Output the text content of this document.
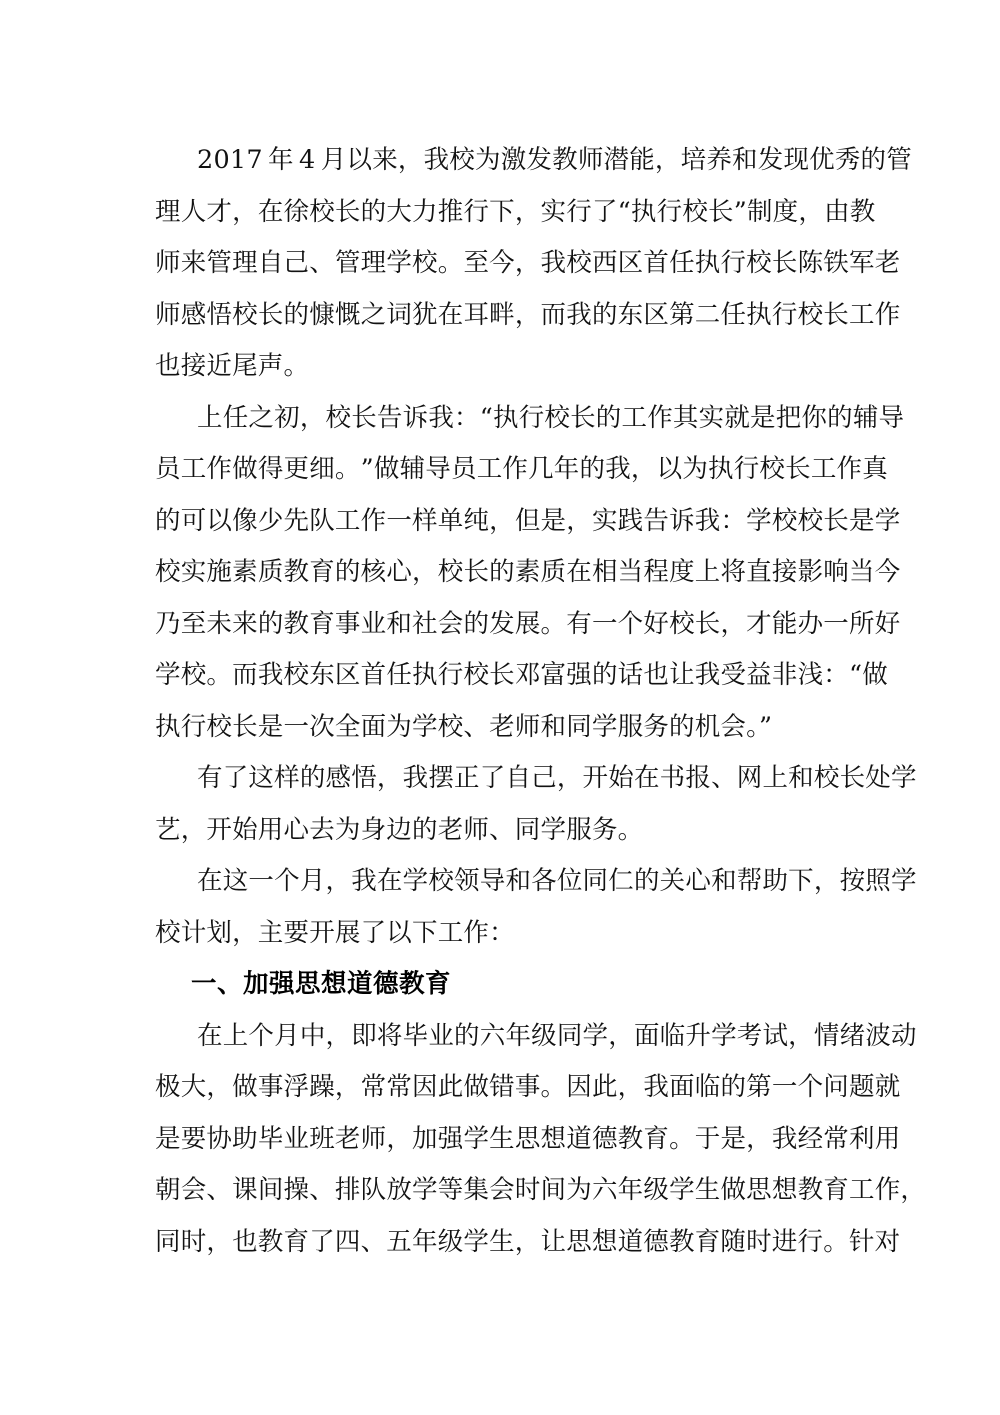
2 0 1 7
  年
  4
  月 以 来 ， 我 校 为 激 发 教 师 潜 能 ， 培 养 和 发 现 优 秀 的 管
理 人 才 ， 在 徐 校 长 的 大 力 推 行 下 ， 实 行 了 “ 执 行 校 长 ” 制 度 ， 由 教
师 来 管 理 自 己 、 管 理 学 校 。 至 今 ， 我 校 西 区 首 任 执 行 校 长 陈 铁 军 老
师 感 悟 校 长 的 慷 慨 之 词 犹 在 耳 畔 ， 而 我 的 东 区 第 二 任 执 行 校 长 工 作
也接近尾声。
上 任 之 初 ， 校 长 告 诉 我 ： “ 执 行 校 长 的 工 作 其 实 就 是 把 你 的 辅 导
员 工 作 做 得 更 细 。 ” 做 辅 导 员 工 作 几 年 的 我 ， 以 为 执 行 校 长 工 作 真
的 可 以 像 少 先 队 工 作 一 样 单 纯 ， 但 是 ， 实 践 告 诉 我 ： 学 校 校 长 是 学
校 实 施 素 质 教 育 的 核 心 ， 校 长 的 素 质 在 相 当 程 度 上 将 直 接 影 响 当 今
乃 至 未 来 的 教 育 事 业 和 社 会 的 发 展 。 有 一 个 好 校 长 ， 才 能 办 一 所 好
学 校 。 而 我 校 东 区 首 任 执 行 校 长 邓 富 强 的 话 也 让 我 受 益 非 浅 ： “ 做
执行校长是一次全面为学校、老师和同学服务的机会。”
有 了 这 样 的 感 悟 ， 我 摆 正 了 自 己 ， 开 始 在 书 报 、 网 上 和 校 长 处 学
艺，开始用心去为身边的老师、同学服务。
在 这 一 个 月 ， 我 在 学 校 领 导 和 各 位 同 仁 的 关 心 和 帮 助 下 ， 按 照 学
校计划，主要开展了以下工作：
一、加强思想道德教育
在 上 个 月 中 ， 即 将 毕 业 的 六 年 级 同 学 ， 面 临 升 学 考 试 ， 情 绪 波 动
极 大 ， 做 事 浮 躁 ， 常 常 因 此 做 错 事 。 因 此 ， 我 面 临 的 第 一 个 问 题 就
是 要 协 助 毕 业 班 老 师 ， 加 强 学 生 思 想 道 德 教 育 。 于 是 ， 我 经 常 利 用
朝 会 、 课 间 操 、 排 队 放 学 等 集 会 时 间 为 六 年 级 学 生 做 思 想 教 育 工 作 ，
同时，也教育了四、五年级学生，让思想道德教育随时进行。针对
